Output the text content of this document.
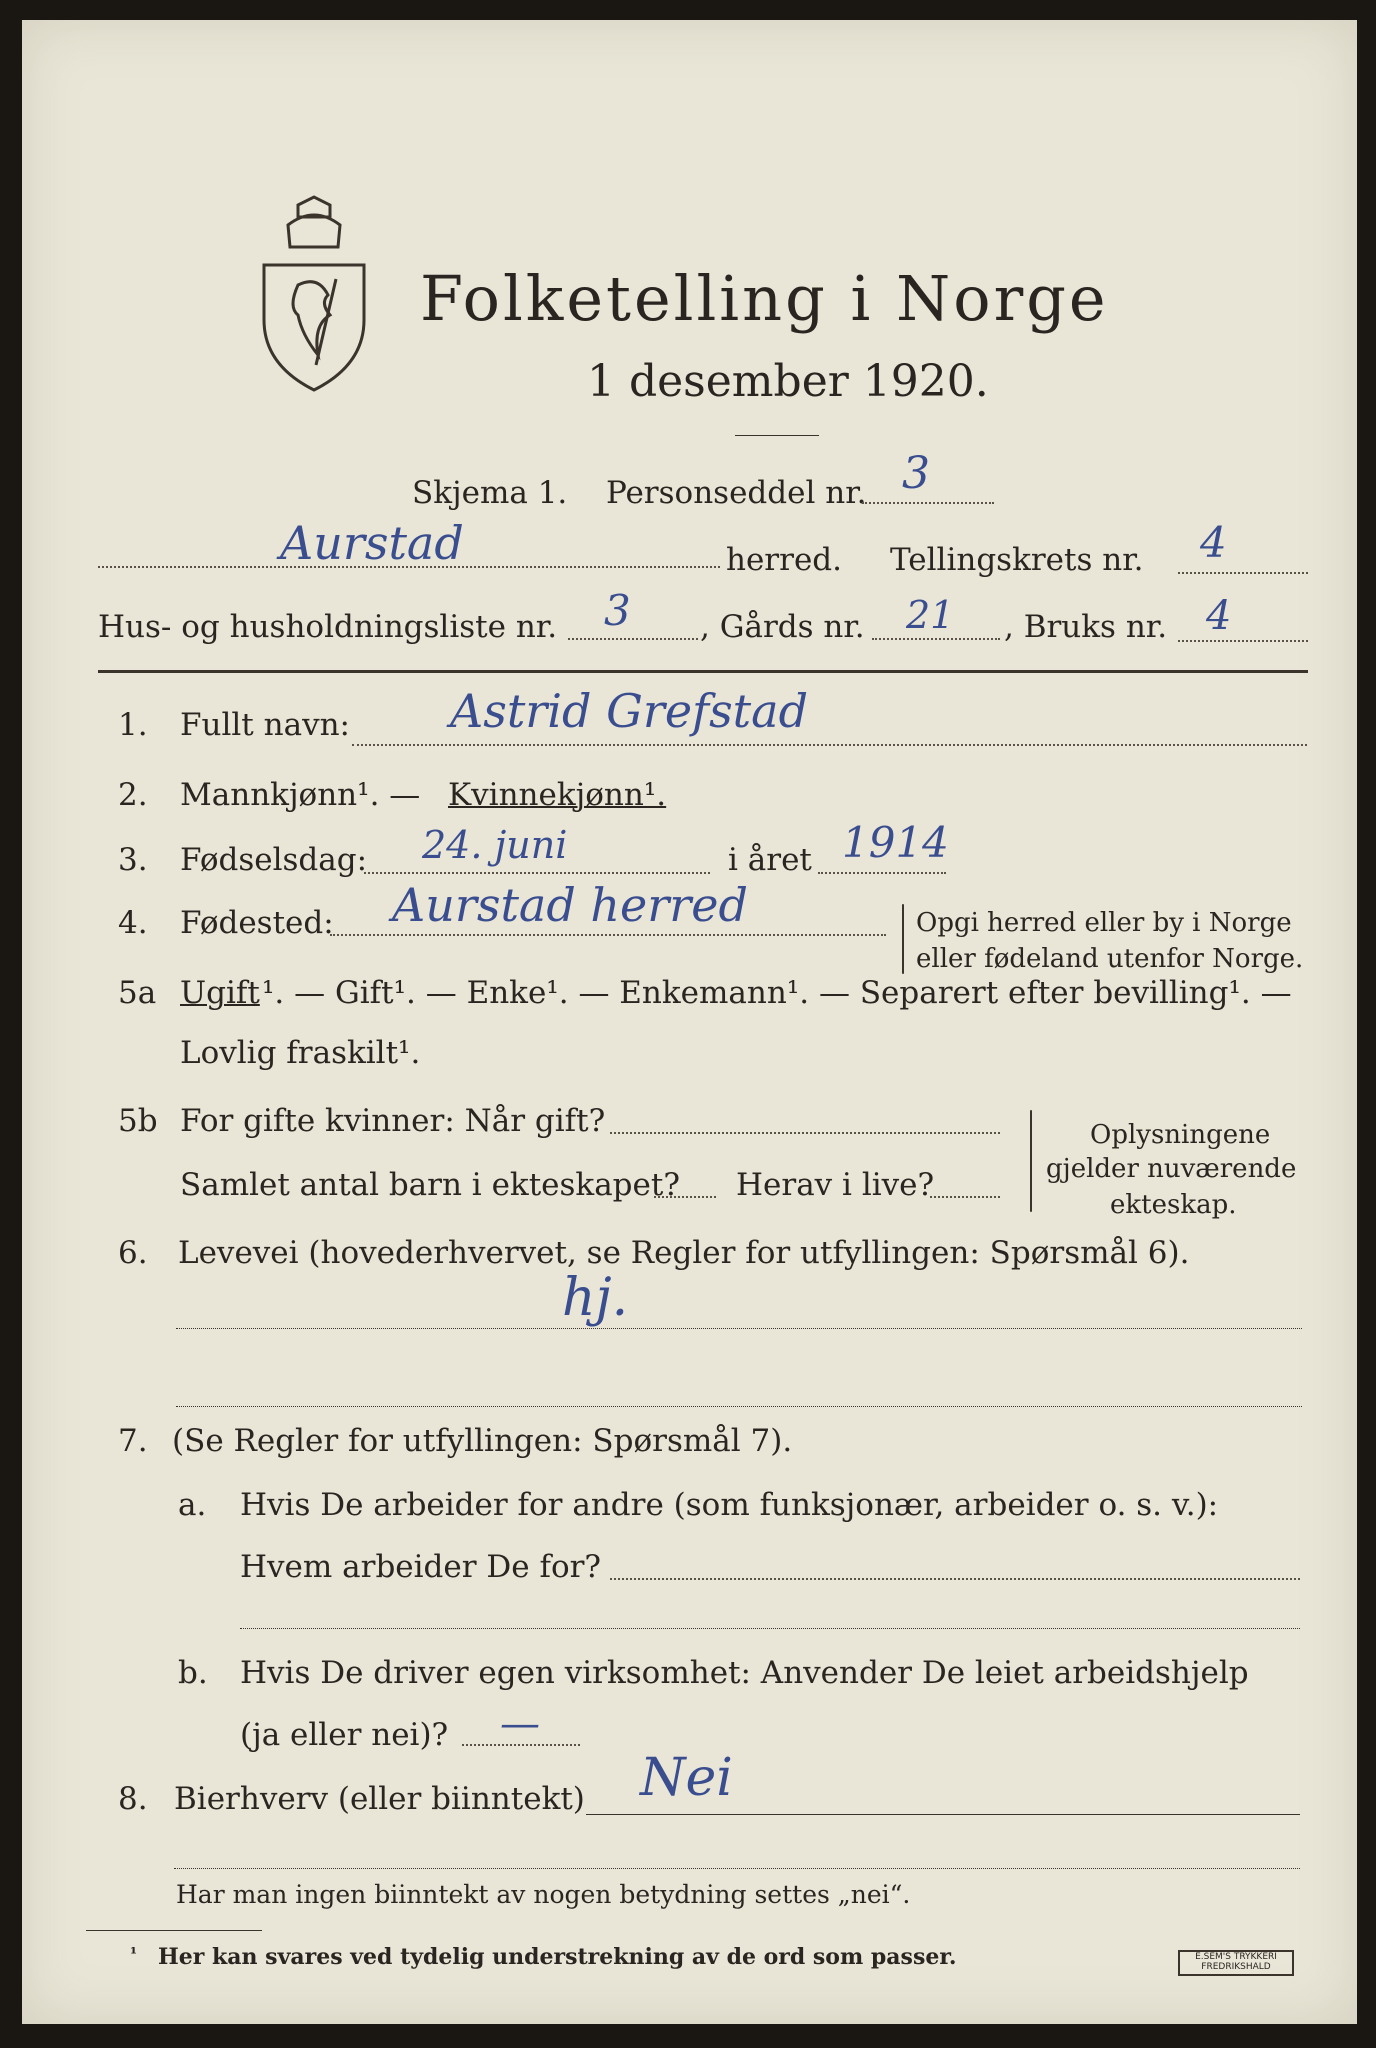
Folketelling i Norge
1 desember 1920.
Skjema 1. Personseddel nr. 3
Aurstad	herred. Tellingskrets nr. 4
Hus- og husholdningsliste nr. 3 , Gårds nr. 21 , Bruks nr. 4
1. Fullt navn: Astrid Grefstad
2. Mannkjønn¹. — Kvinnekjønn¹.
3. Fødselsdag: 24. juni	i året 1914
4. Fødested: Aurstad herred	Opgi herred eller by i Norge
eller fødeland utenfor Norge.
5a Ugift ¹. — Gift¹. — Enke¹. — Enkemann¹. — Separert efter bevilling¹. —
Lovlig fraskilt¹.
5b For gifte kvinner: Når gift?
Samlet antal barn i ekteskapet? Herav i live?
Oplysningene
gjelder nuværende
ekteskap.
6. Levevei (hovederhvervet, se Regler for utfyllingen: Spørsmål 6).
hj.
7. (Se Regler for utfyllingen: Spørsmål 7).
a. Hvis De arbeider for andre (som funksjonær, arbeider o. s. v.):
Hvem arbeider De for?
b. Hvis De driver egen virksomhet: Anvender De leiet arbeidshjelp
(ja eller nei)? —
8. Bierhverv (eller biinntekt) Nei
Har man ingen biinntekt av nogen betydning settes „nei“.
¹ Her kan svares ved tydelig understrekning av de ord som passer.	E.SEM'S TRYKKERI FREDRIKSHALD
